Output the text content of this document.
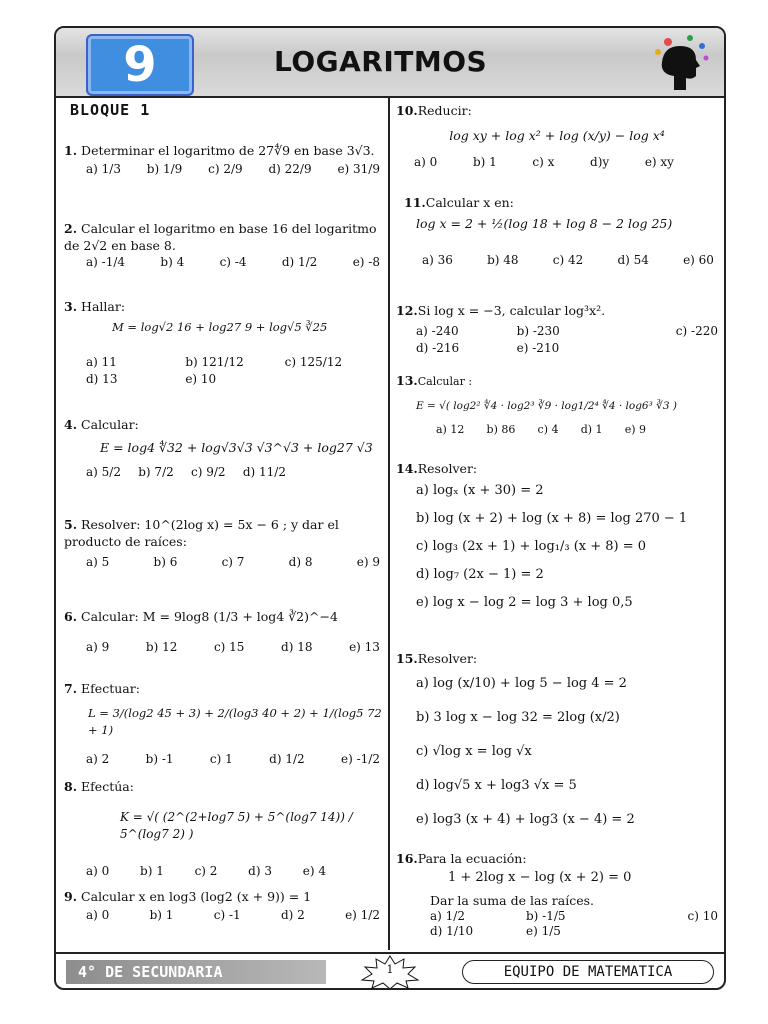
9	LOGARITMOS
BLOQUE 1
1. Determinar el logaritmo de 27∜9 en base 3√3.
a) 1/3 b) 1/9 c) 2/9 d) 22/9 e) 31/9
2. Calcular el logaritmo en base 16 del logaritmo de 2√2 en base 8.
a) -1/4	b) 4	c) -4	d) 1/2	e) -8
3. Hallar:
M = log√2 16 + log27 9 + log√5 ∛25
a) 11	b) 121/12	c) 125/12
d) 13	e) 10
4. Calcular:
E = log4 ∜32 + log√3√3 √3^√3 + log27 √3
a) 5/2 b) 7/2 c) 9/2 d) 11/2
5. Resolver: 10^(2log x) = 5x − 6 ; y dar el producto de raíces:
a) 5	b) 6	c) 7	d) 8	e) 9
6. Calcular: M = 9log8 (1/3 + log4 ∛2)^−4
a) 9	b) 12	c) 15	d) 18	e) 13
7. Efectuar:
L = 3/(log2 45 + 3) + 2/(log3 40 + 2) + 1/(log5 72 + 1)
a) 2	b) -1	c) 1	d) 1/2	e) -1/2
8. Efectúa:
K = √( (2^(2+log7 5) + 5^(log7 14)) / 5^(log7 2) )
a) 0	b) 1	c) 2	d) 3	e) 4
9. Calcular x en log3 (log2 (x + 9)) = 1
a) 0	b) 1	c) -1	d) 2	e) 1/2
10.Reducir:
log xy + log x² + log (x/y) − log x⁴
a) 0	b) 1	c) x	d)y	e) xy
11.Calcular x en:
log x = 2 + ½(log 18 + log 8 − 2 log 25)
a) 36	b) 48	c) 42	d) 54	e) 60
12.Si log x = −3, calcular log³x².
a) -240	b) -230	c) -220
d) -216	e) -210
13.Calcular :
E = √( log2² ∜4 · log2³ ∛9 · log1/2⁴ ∜4 · log6³ ∛3 )
a) 12 b) 86 c) 4 d) 1 e) 9
14.Resolver:
a) logₓ (x + 30) = 2
b) log (x + 2) + log (x + 8) = log 270 − 1
c) log₃ (2x + 1) + log₁/₃ (x + 8) = 0
d) log₇ (2x − 1) = 2
e) log x − log 2 = log 3 + log 0,5
15.Resolver:
a) log (x/10) + log 5 − log 4 = 2
b) 3 log x − log 32 = 2log (x/2)
c) √log x = log √x
d) log√5 x + log3 √x = 5
e) log3 (x + 4) + log3 (x − 4) = 2
16.Para la ecuación:
1 + 2log x − log (x + 2) = 0
Dar la suma de las raíces.
a) 1/2	b) -1/5	c) 10
d) 1/10	e) 1/5
4° DE SECUNDARIA	1	EQUIPO DE MATEMATICA
